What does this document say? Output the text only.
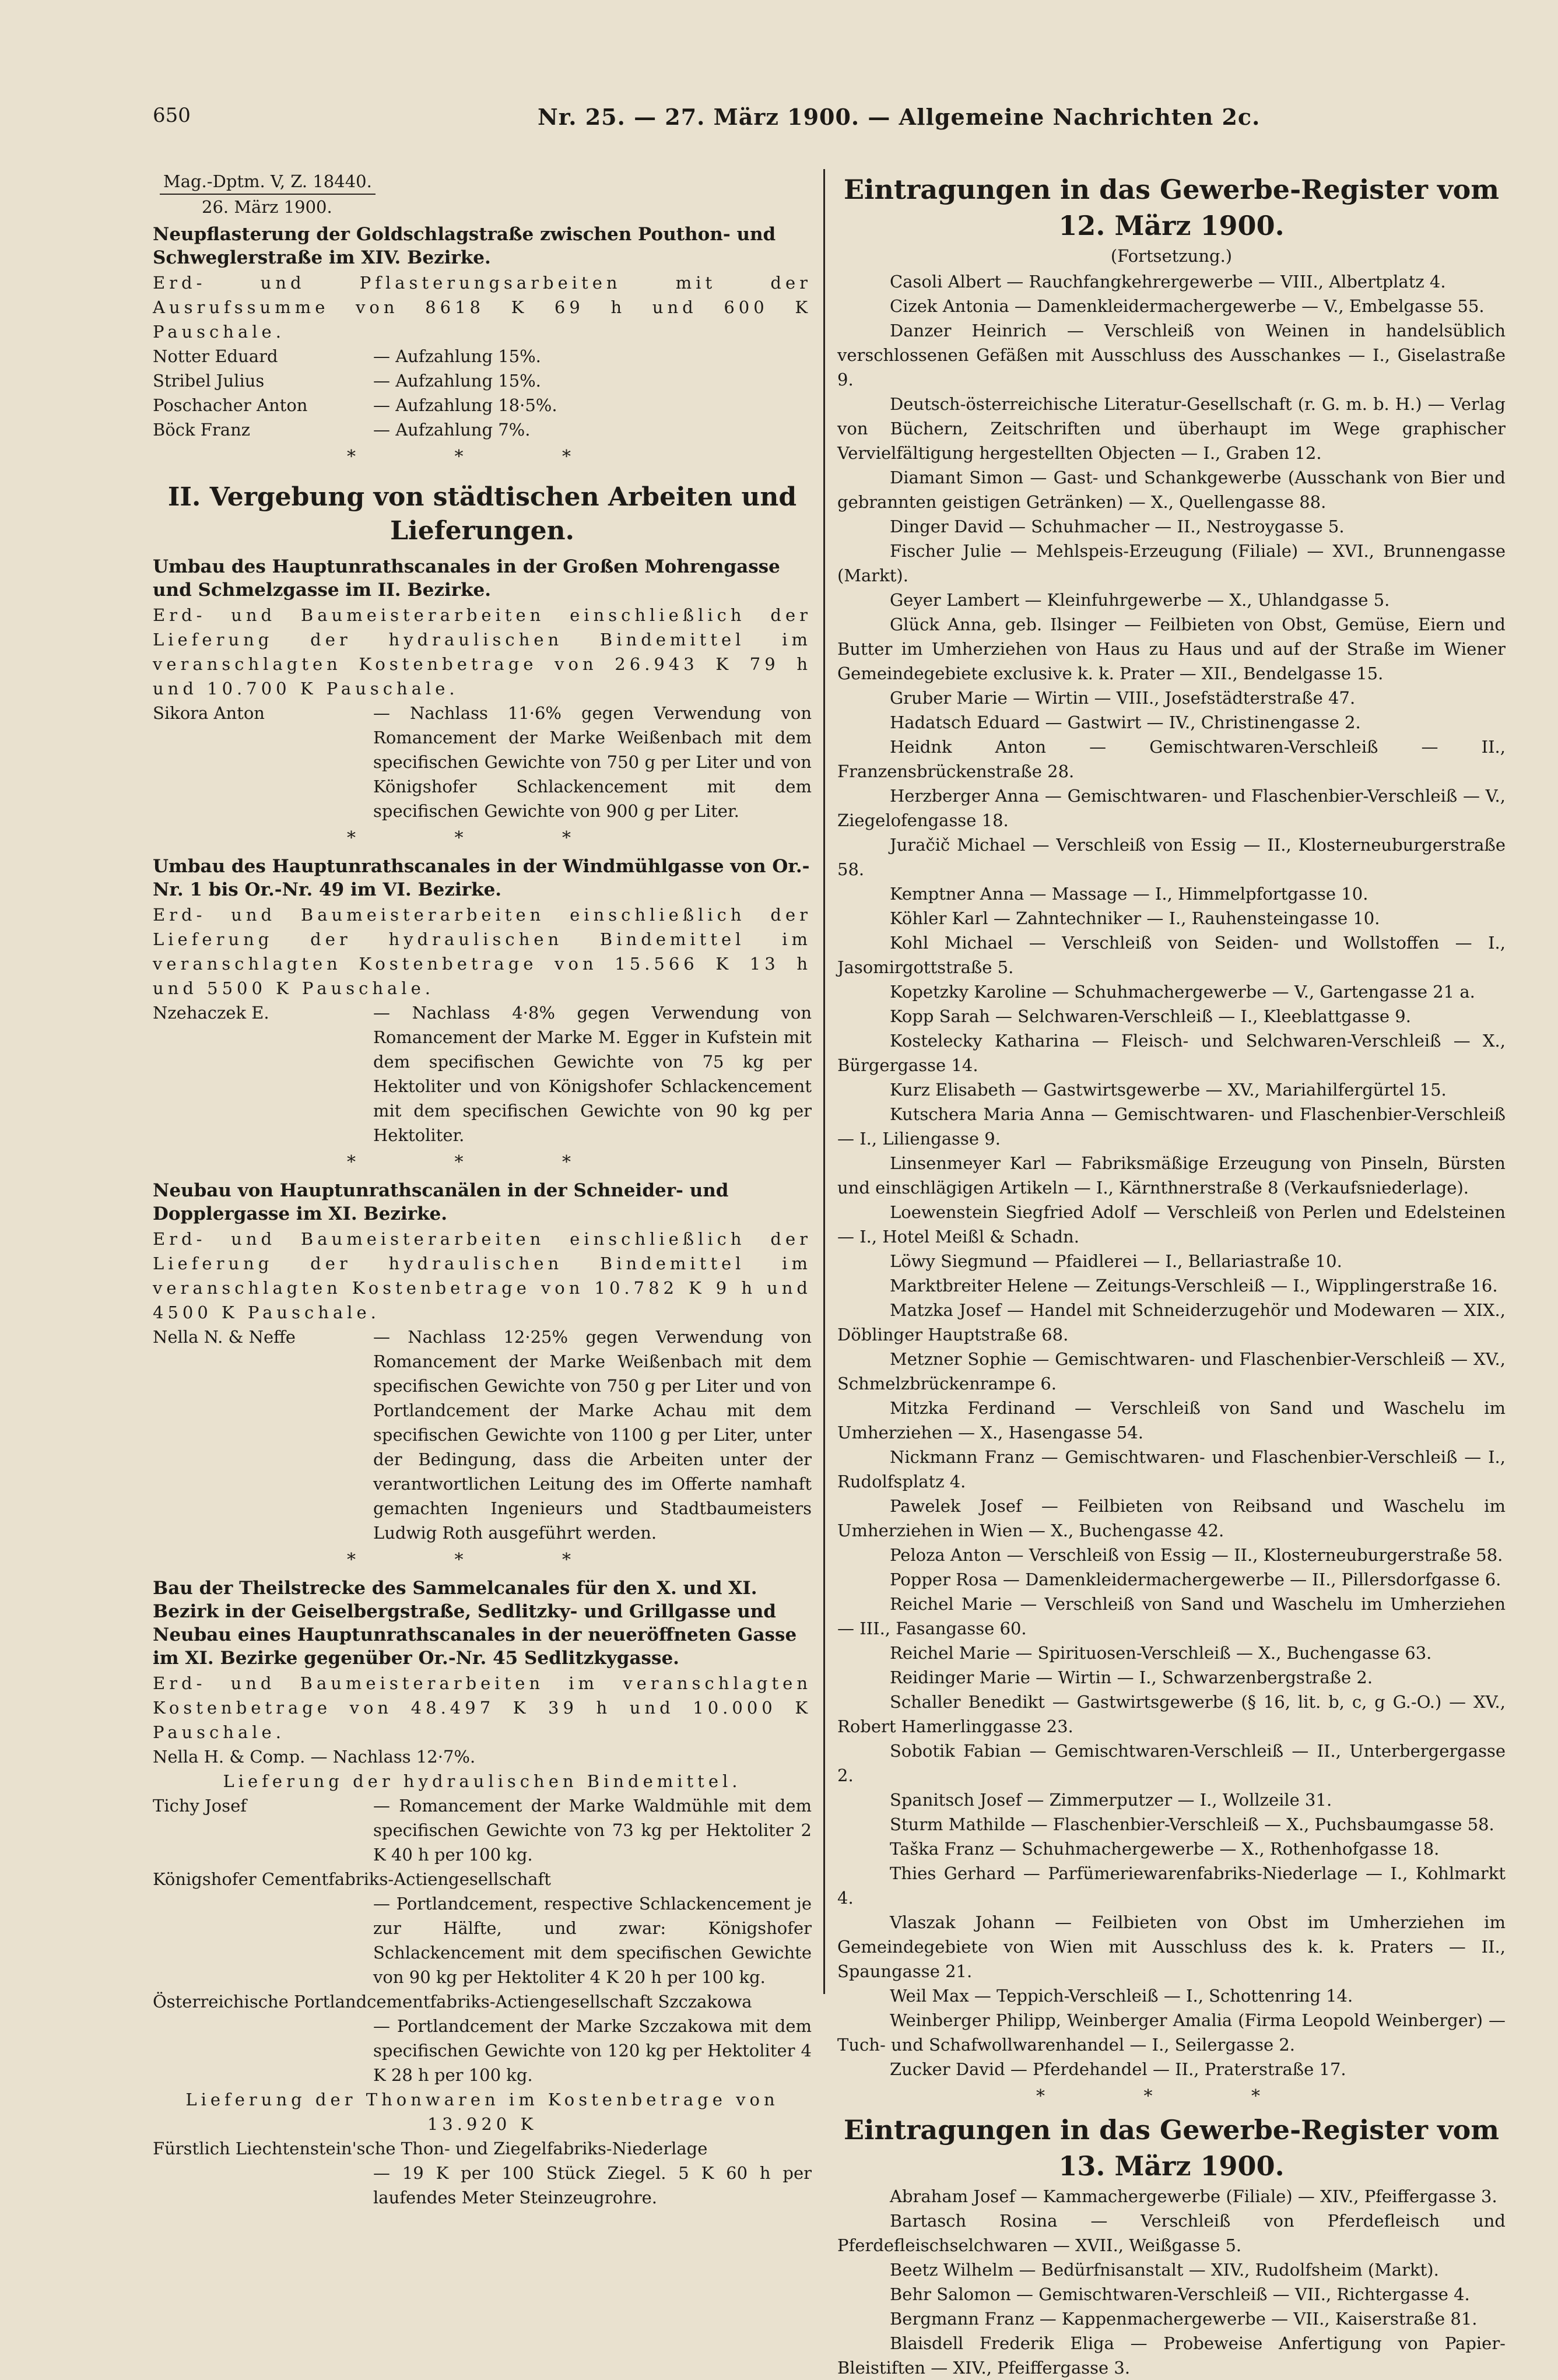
650	Nr. 25. — 27. März 1900. — Allgemeine Nachrichten 2c.
Mag.-Dptm. V, Z. 18440.
26. März 1900.
Neupflasterung der Goldschlagstraße zwischen Pouthon- und Schweglerstraße im XIV. Bezirke.
Erd- und Pflasterungsarbeiten mit der Ausrufssumme von 8618 K 69 h und 600 K Pauschale.
Notter Eduard	— Aufzahlung 15%.
Stribel Julius	— Aufzahlung 15%.
Poschacher Anton	— Aufzahlung 18·5%.
Böck Franz	— Aufzahlung 7%.
* * *
II. Vergebung von städtischen Arbeiten und Lieferungen.
Umbau des Hauptunrathscanales in der Großen Mohrengasse und Schmelzgasse im II. Bezirke.
Erd- und Baumeisterarbeiten einschließlich der Lieferung der hydraulischen Bindemittel im veranschlagten Kostenbetrage von 26.943 K 79 h und 10.700 K Pauschale.
Sikora Anton	— Nachlass 11·6% gegen Verwendung von Romancement der Marke Weißenbach mit dem specifischen Gewichte von 750 g per Liter und von Königshofer Schlackencement mit dem specifischen Gewichte von 900 g per Liter.
* * *
Umbau des Hauptunrathscanales in der Windmühlgasse von Or.-Nr. 1 bis Or.-Nr. 49 im VI. Bezirke.
Erd- und Baumeisterarbeiten einschließlich der Lieferung der hydraulischen Bindemittel im veranschlagten Kostenbetrage von 15.566 K 13 h und 5500 K Pauschale.
Nzehaczek E.	— Nachlass 4·8% gegen Verwendung von Romancement der Marke M. Egger in Kufstein mit dem specifischen Gewichte von 75 kg per Hektoliter und von Königshofer Schlackencement mit dem specifischen Gewichte von 90 kg per Hektoliter.
* * *
Neubau von Hauptunrathscanälen in der Schneider- und Dopplergasse im XI. Bezirke.
Erd- und Baumeisterarbeiten einschließlich der Lieferung der hydraulischen Bindemittel im veranschlagten Kostenbetrage von 10.782 K 9 h und 4500 K Pauschale.
Nella N. & Neffe	— Nachlass 12·25% gegen Verwendung von Romancement der Marke Weißenbach mit dem specifischen Gewichte von 750 g per Liter und von Portlandcement der Marke Achau mit dem specifischen Gewichte von 1100 g per Liter, unter der Bedingung, dass die Arbeiten unter der verantwortlichen Leitung des im Offerte namhaft gemachten Ingenieurs und Stadtbaumeisters Ludwig Roth ausgeführt werden.
* * *
Bau der Theilstrecke des Sammelcanales für den X. und XI. Bezirk in der Geiselbergstraße, Sedlitzky- und Grillgasse und Neubau eines Hauptunrathscanales in der neueröffneten Gasse im XI. Bezirke gegenüber Or.-Nr. 45 Sedlitzkygasse.
Erd- und Baumeisterarbeiten im veranschlagten Kostenbetrage von 48.497 K 39 h und 10.000 K Pauschale.
Nella H. & Comp. — Nachlass 12·7%.
Lieferung der hydraulischen Bindemittel.
Tichy Josef	— Romancement der Marke Waldmühle mit dem specifischen Gewichte von 73 kg per Hektoliter 2 K 40 h per 100 kg.
Königshofer Cementfabriks-Actiengesellschaft
— Portlandcement, respective Schlackencement je zur Hälfte, und zwar: Königshofer Schlackencement mit dem specifischen Gewichte von 90 kg per Hektoliter 4 K 20 h per 100 kg.
Österreichische Portlandcementfabriks-Actiengesellschaft Szczakowa
— Portlandcement der Marke Szczakowa mit dem specifischen Gewichte von 120 kg per Hektoliter 4 K 28 h per 100 kg.
Lieferung der Thonwaren im Kostenbetrage von 13.920 K
Fürstlich Liechtenstein'sche Thon- und Ziegelfabriks-Niederlage
— 19 K per 100 Stück Ziegel. 5 K 60 h per laufendes Meter Steinzeugrohre.
Eintragungen in das Gewerbe-Register vom 12. März 1900.
(Fortsetzung.)
Casoli Albert — Rauchfangkehrergewerbe — VIII., Albertplatz 4.
Cizek Antonia — Damenkleidermachergewerbe — V., Embelgasse 55.
Danzer Heinrich — Verschleiß von Weinen in handelsüblich verschlossenen Gefäßen mit Ausschluss des Ausschankes — I., Giselastraße 9.
Deutsch-österreichische Literatur-Gesellschaft (r. G. m. b. H.) — Verlag von Büchern, Zeitschriften und überhaupt im Wege graphischer Vervielfältigung hergestellten Objecten — I., Graben 12.
Diamant Simon — Gast- und Schankgewerbe (Ausschank von Bier und gebrannten geistigen Getränken) — X., Quellengasse 88.
Dinger David — Schuhmacher — II., Nestroygasse 5.
Fischer Julie — Mehlspeis-Erzeugung (Filiale) — XVI., Brunnengasse (Markt).
Geyer Lambert — Kleinfuhrgewerbe — X., Uhlandgasse 5.
Glück Anna, geb. Ilsinger — Feilbieten von Obst, Gemüse, Eiern und Butter im Umherziehen von Haus zu Haus und auf der Straße im Wiener Gemeindegebiete exclusive k. k. Prater — XII., Bendelgasse 15.
Gruber Marie — Wirtin — VIII., Josefstädterstraße 47.
Hadatsch Eduard — Gastwirt — IV., Christinengasse 2.
Heidnk Anton — Gemischtwaren-Verschleiß — II., Franzensbrückenstraße 28.
Herzberger Anna — Gemischtwaren- und Flaschenbier-Verschleiß — V., Ziegelofengasse 18.
Juračič Michael — Verschleiß von Essig — II., Klosterneuburgerstraße 58.
Kemptner Anna — Massage — I., Himmelpfortgasse 10.
Köhler Karl — Zahntechniker — I., Rauhensteingasse 10.
Kohl Michael — Verschleiß von Seiden- und Wollstoffen — I., Jasomirgottstraße 5.
Kopetzky Karoline — Schuhmachergewerbe — V., Gartengasse 21 a.
Kopp Sarah — Selchwaren-Verschleiß — I., Kleeblattgasse 9.
Kostelecky Katharina — Fleisch- und Selchwaren-Verschleiß — X., Bürgergasse 14.
Kurz Elisabeth — Gastwirtsgewerbe — XV., Mariahilfergürtel 15.
Kutschera Maria Anna — Gemischtwaren- und Flaschenbier-Verschleiß — I., Liliengasse 9.
Linsenmeyer Karl — Fabriksmäßige Erzeugung von Pinseln, Bürsten und einschlägigen Artikeln — I., Kärnthnerstraße 8 (Verkaufsniederlage).
Loewenstein Siegfried Adolf — Verschleiß von Perlen und Edelsteinen — I., Hotel Meißl & Schadn.
Löwy Siegmund — Pfaidlerei — I., Bellariastraße 10.
Marktbreiter Helene — Zeitungs-Verschleiß — I., Wipplingerstraße 16.
Matzka Josef — Handel mit Schneiderzugehör und Modewaren — XIX., Döblinger Hauptstraße 68.
Metzner Sophie — Gemischtwaren- und Flaschenbier-Verschleiß — XV., Schmelzbrückenrampe 6.
Mitzka Ferdinand — Verschleiß von Sand und Waschelu im Umherziehen — X., Hasengasse 54.
Nickmann Franz — Gemischtwaren- und Flaschenbier-Verschleiß — I., Rudolfsplatz 4.
Pawelek Josef — Feilbieten von Reibsand und Waschelu im Umherziehen in Wien — X., Buchengasse 42.
Peloza Anton — Verschleiß von Essig — II., Klosterneuburgerstraße 58.
Popper Rosa — Damenkleidermachergewerbe — II., Pillersdorfgasse 6.
Reichel Marie — Verschleiß von Sand und Waschelu im Umherziehen — III., Fasangasse 60.
Reichel Marie — Spirituosen-Verschleiß — X., Buchengasse 63.
Reidinger Marie — Wirtin — I., Schwarzenbergstraße 2.
Schaller Benedikt — Gastwirtsgewerbe (§ 16, lit. b, c, g G.-O.) — XV., Robert Hamerlinggasse 23.
Sobotik Fabian — Gemischtwaren-Verschleiß — II., Unterbergergasse 2.
Spanitsch Josef — Zimmerputzer — I., Wollzeile 31.
Sturm Mathilde — Flaschenbier-Verschleiß — X., Puchsbaumgasse 58.
Taška Franz — Schuhmachergewerbe — X., Rothenhofgasse 18.
Thies Gerhard — Parfümeriewarenfabriks-Niederlage — I., Kohlmarkt 4.
Vlaszak Johann — Feilbieten von Obst im Umherziehen im Gemeindegebiete von Wien mit Ausschluss des k. k. Praters — II., Spaungasse 21.
Weil Max — Teppich-Verschleiß — I., Schottenring 14.
Weinberger Philipp, Weinberger Amalia (Firma Leopold Weinberger) — Tuch- und Schafwollwarenhandel — I., Seilergasse 2.
Zucker David — Pferdehandel — II., Praterstraße 17.
* * *
Eintragungen in das Gewerbe-Register vom 13. März 1900.
Abraham Josef — Kammachergewerbe (Filiale) — XIV., Pfeiffergasse 3.
Bartasch Rosina — Verschleiß von Pferdefleisch und Pferdefleischselchwaren — XVII., Weißgasse 5.
Beetz Wilhelm — Bedürfnisanstalt — XIV., Rudolfsheim (Markt).
Behr Salomon — Gemischtwaren-Verschleiß — VII., Richtergasse 4.
Bergmann Franz — Kappenmachergewerbe — VII., Kaiserstraße 81.
Blaisdell Frederik Eliga — Probeweise Anfertigung von Papier-Bleistiften — XIV., Pfeiffergasse 3.
